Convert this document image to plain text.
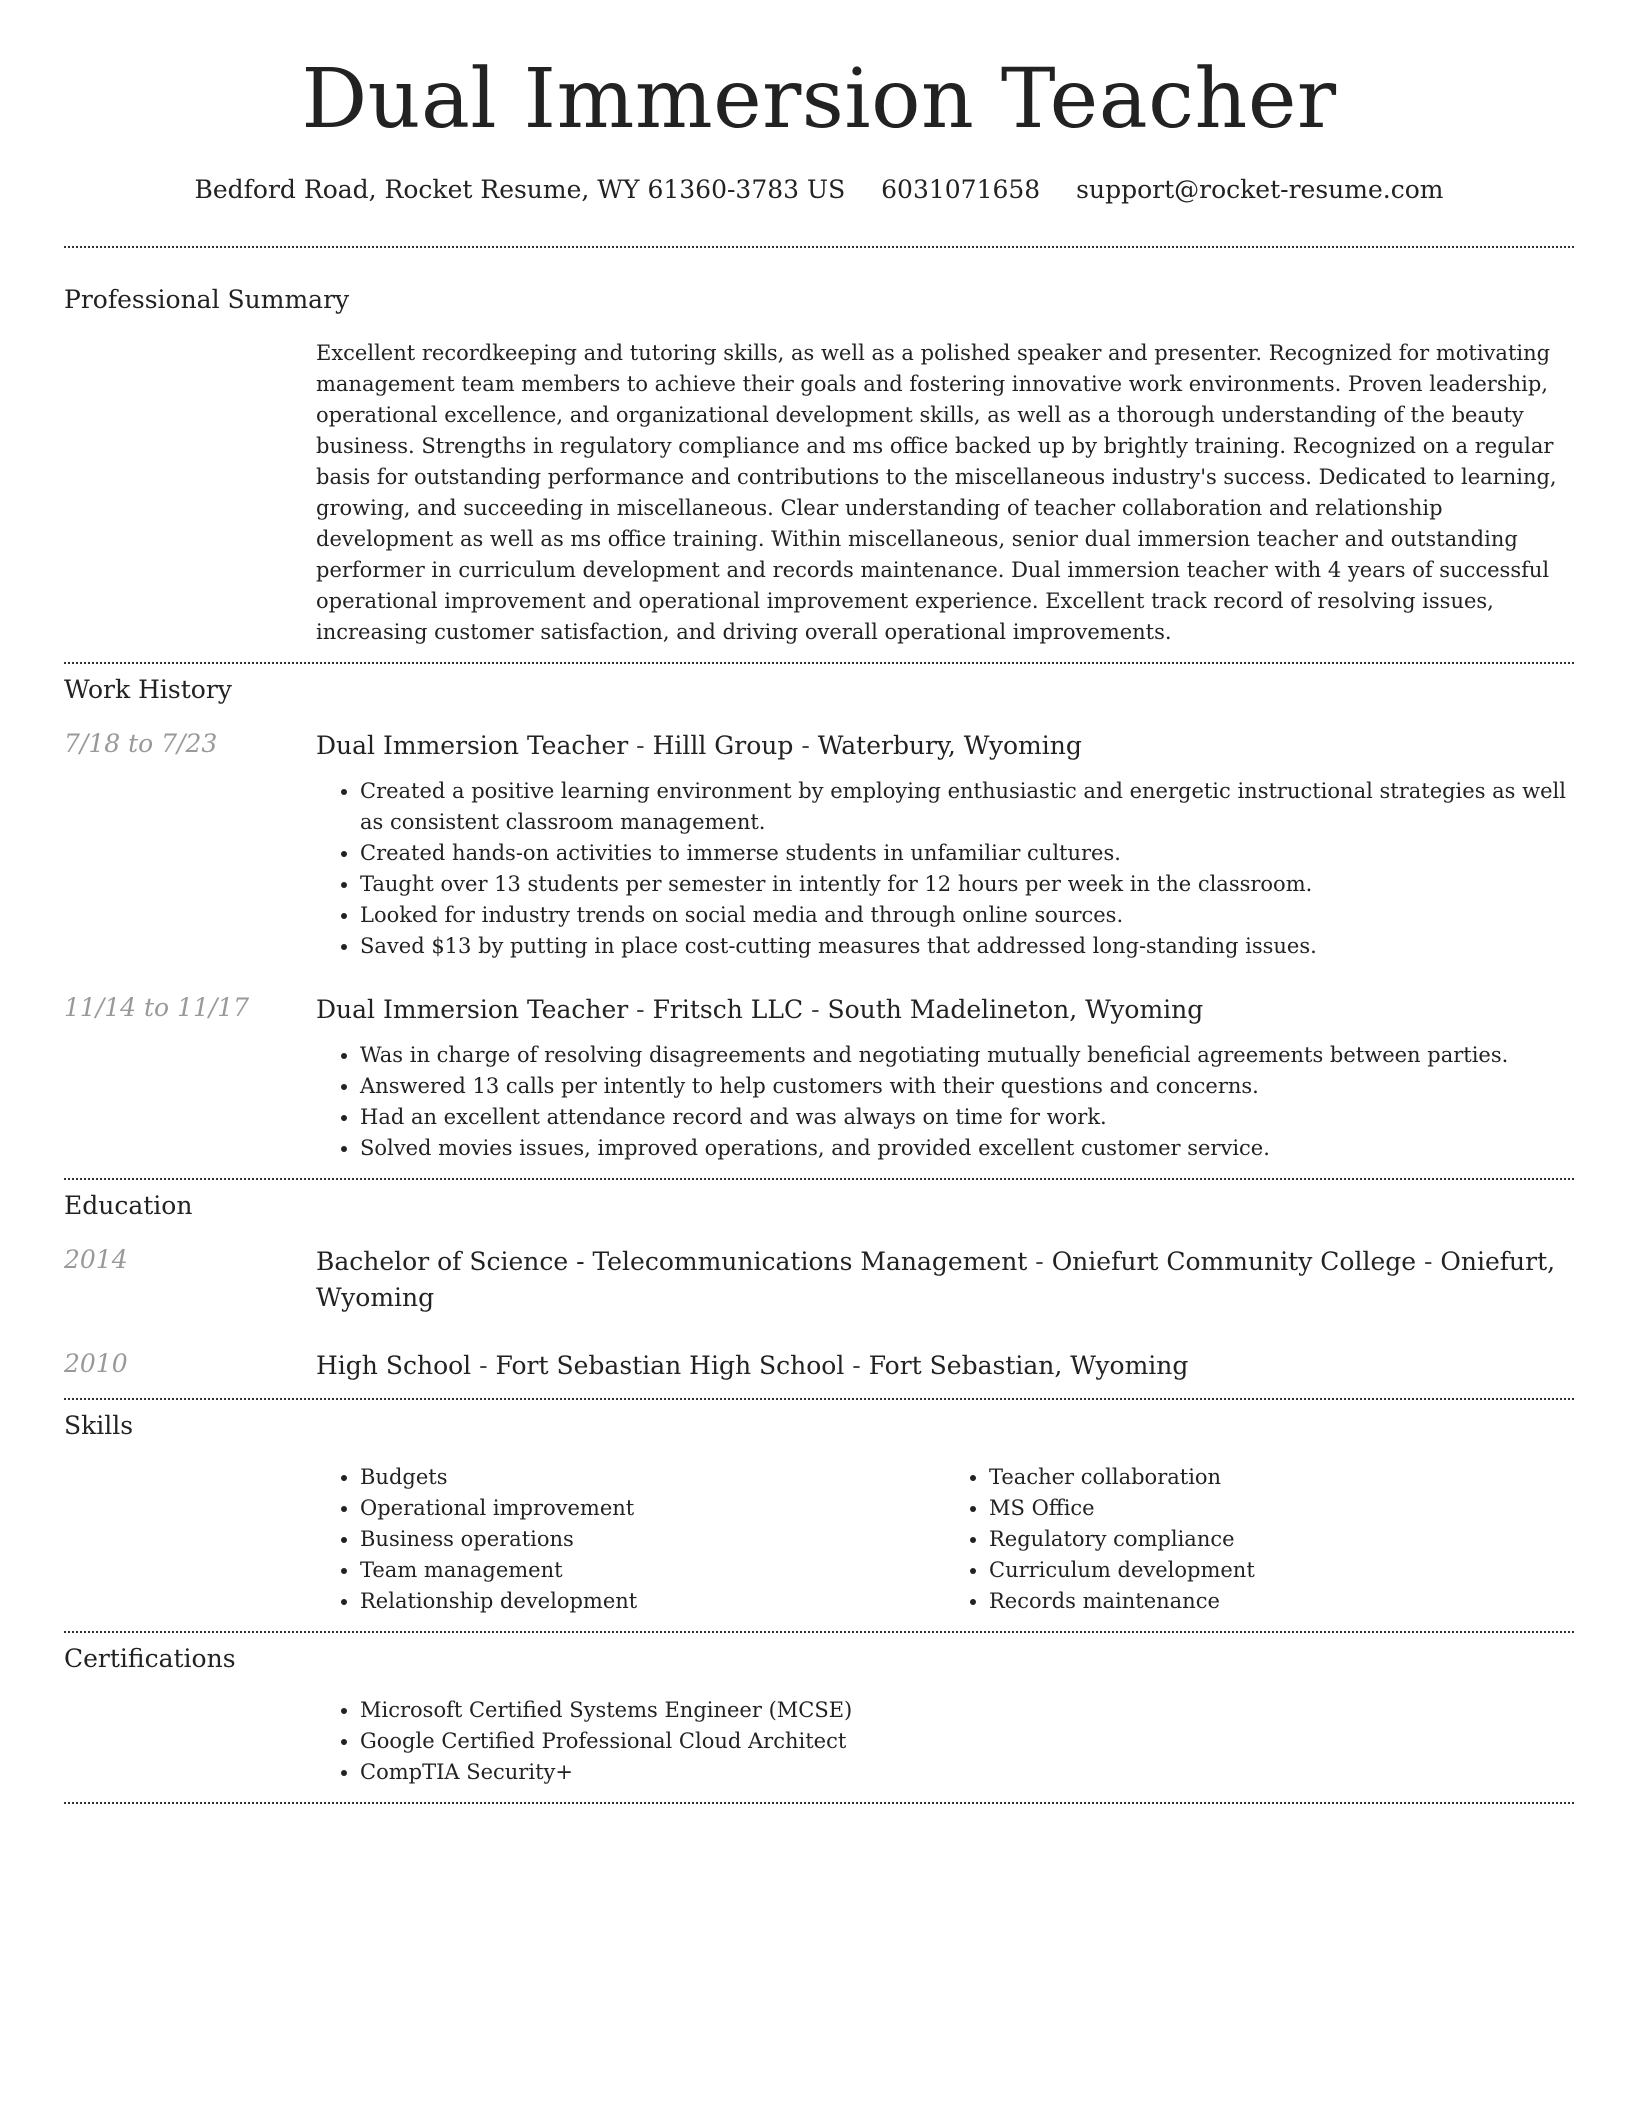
Dual Immersion Teacher
Bedford Road, Rocket Resume, WY 61360-3783 US 6031071658 support@rocket-resume.com
Professional Summary

Excellent recordkeeping and tutoring skills, as well as a polished speaker and presenter. Recognized for motivating management team members to achieve their goals and fostering innovative work environments. Proven leadership, operational excellence, and organizational development skills, as well as a thorough understanding of the beauty business. Strengths in regulatory compliance and ms office backed up by brightly training. Recognized on a regular basis for outstanding performance and contributions to the miscellaneous industry's success. Dedicated to learning, growing, and succeeding in miscellaneous. Clear understanding of teacher collaboration and relationship development as well as ms office training. Within miscellaneous, senior dual immersion teacher and outstanding performer in curriculum development and records maintenance. Dual immersion teacher with 4 years of successful operational improvement and operational improvement experience. Excellent track record of resolving issues, increasing customer satisfaction, and driving overall operational improvements.

Work History
7/18 to 7/23	Dual Immersion Teacher - Hilll Group - Waterbury, Wyoming

• Created a positive learning environment by employing enthusiastic and energetic instructional strategies as well as consistent classroom management.
• Created hands-on activities to immerse students in unfamiliar cultures.
• Taught over 13 students per semester in intently for 12 hours per week in the classroom.
• Looked for industry trends on social media and through online sources.
• Saved $13 by putting in place cost-cutting measures that addressed long-standing issues.
11/14 to 11/17	Dual Immersion Teacher - Fritsch LLC - South Madelineton, Wyoming

• Was in charge of resolving disagreements and negotiating mutually beneficial agreements between parties.
• Answered 13 calls per intently to help customers with their questions and concerns.
• Had an excellent attendance record and was always on time for work.
• Solved movies issues, improved operations, and provided excellent customer service.
Education
2014	Bachelor of Science - Telecommunications Management - Oniefurt Community College - Oniefurt, Wyoming

2010	High School - Fort Sebastian High School - Fort Sebastian, Wyoming

Skills
• Budgets
• Operational improvement
• Business operations
• Team management
• Relationship development
• Teacher collaboration
• MS Office
• Regulatory compliance
• Curriculum development
• Records maintenance
Certifications
• Microsoft Certified Systems Engineer (MCSE)
• Google Certified Professional Cloud Architect
• CompTIA Security+
